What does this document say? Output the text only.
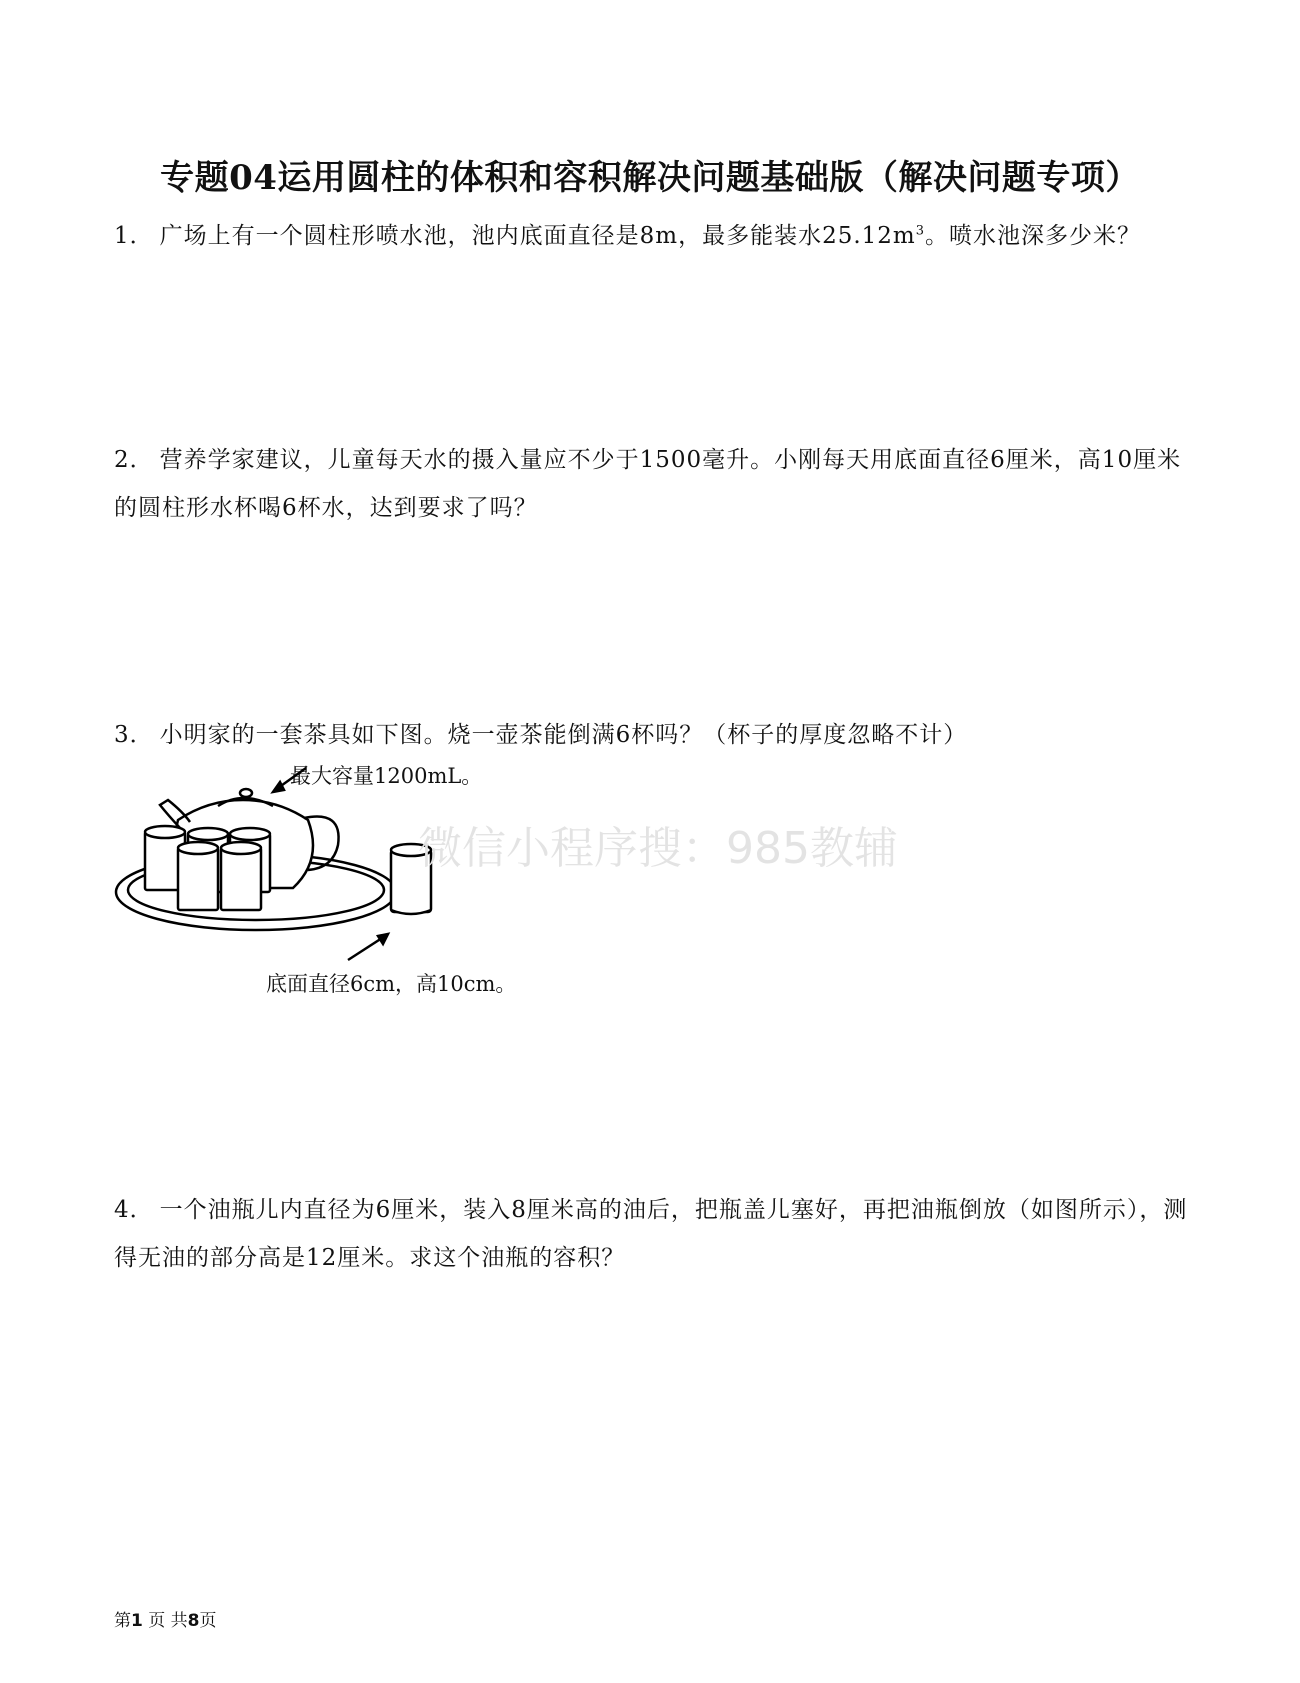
专题04运用圆柱的体积和容积解决问题基础版（解决问题专项）
1． 广场上有一个圆柱形喷水池，池内底面直径是8m，最多能装水$25.12m^3$。喷水池深多少米？
2． 营养学家建议，儿童每天水的摄入量应不少于1500毫升。小刚每天用底面直径6厘米，高10厘米的圆柱形水杯喝6杯水，达到要求了吗？
3． 小明家的一套茶具如下图。烧一壶茶能倒满6杯吗？（杯子的厚度忽略不计）
最大容量1200mL。
底面直径6cm，高10cm。
微信小程序搜：985教辅
4． 一个油瓶儿内直径为6厘米，装入8厘米高的油后，把瓶盖儿塞好，再把油瓶倒放（如图所示），测得无油的部分高是12厘米。求这个油瓶的容积？
第1 页 共8页
